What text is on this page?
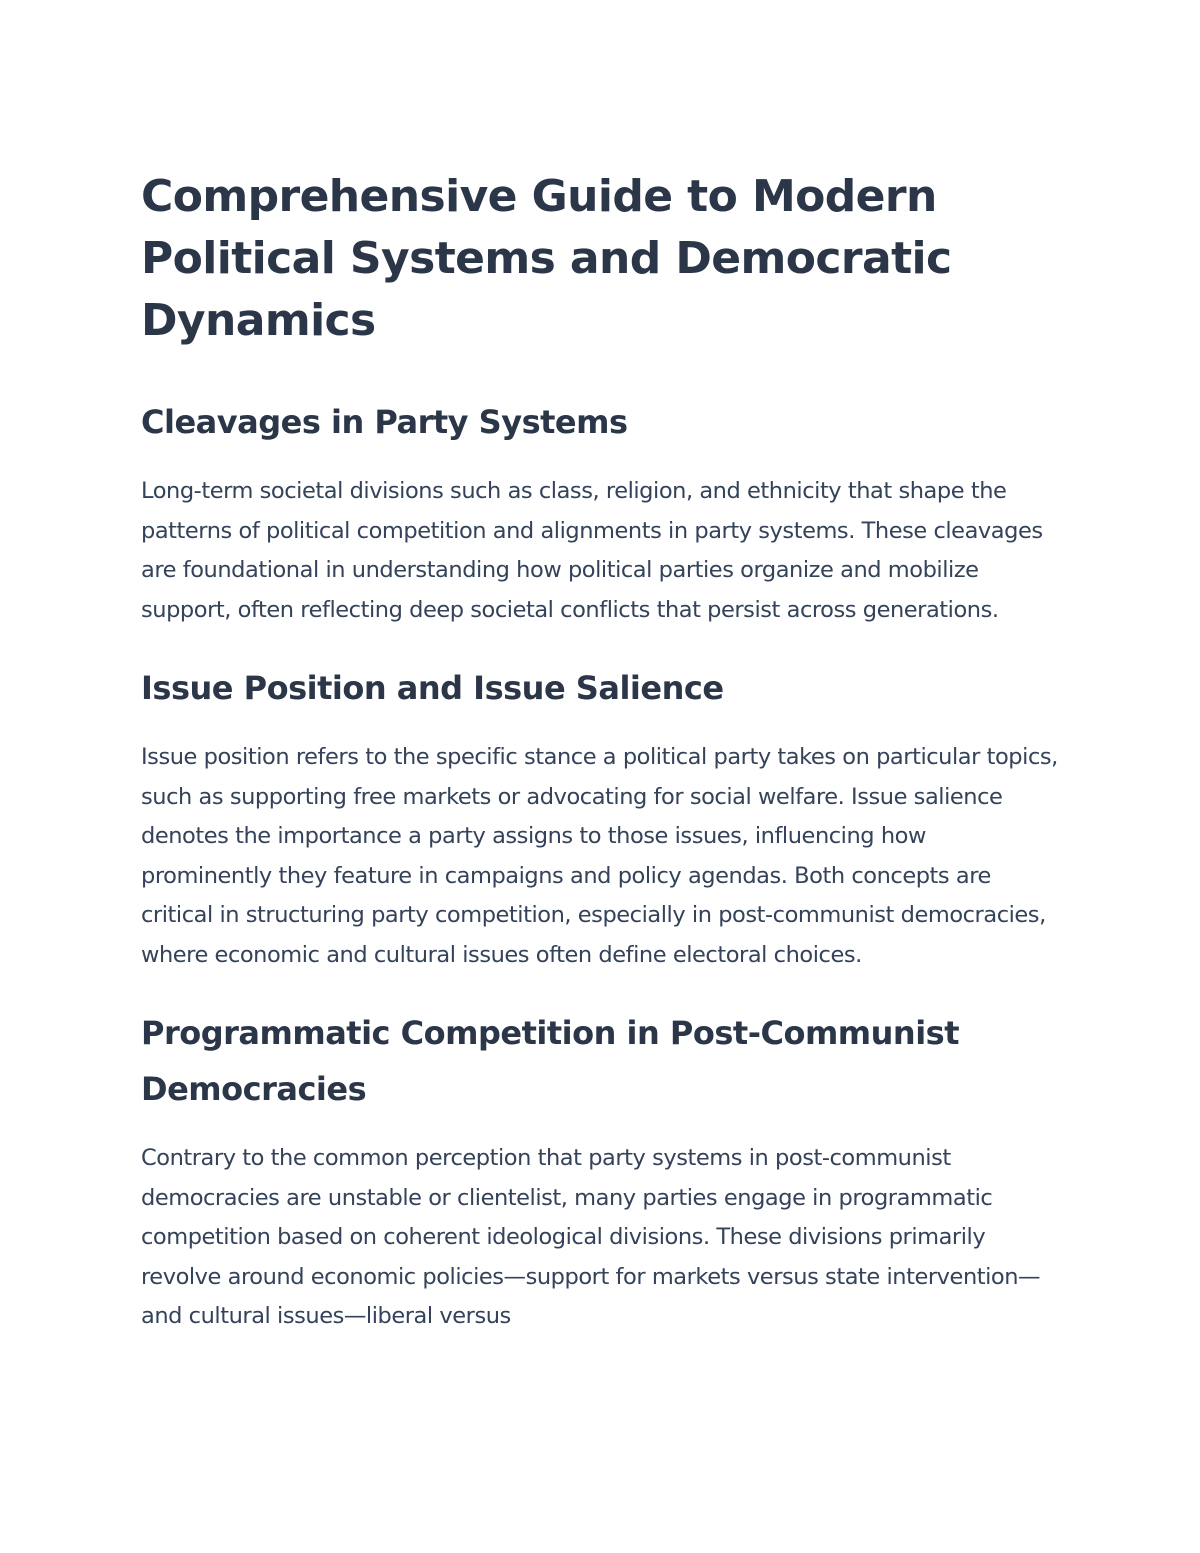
Comprehensive Guide to Modern Political Systems and Democratic Dynamics
Cleavages in Party Systems

Long-term societal divisions such as class, religion, and ethnicity that shape the patterns of political competition and alignments in party systems. These cleavages are foundational in understanding how political parties organize and mobilize support, often reflecting deep societal conflicts that persist across generations.

Issue Position and Issue Salience

Issue position refers to the specific stance a political party takes on particular topics, such as supporting free markets or advocating for social welfare. Issue salience denotes the importance a party assigns to those issues, influencing how prominently they feature in campaigns and policy agendas. Both concepts are critical in structuring party competition, especially in post-communist democracies, where economic and cultural issues often define electoral choices.

Programmatic Competition in Post-Communist Democracies

Contrary to the common perception that party systems in post-communist democracies are unstable or clientelist, many parties engage in programmatic competition based on coherent ideological divisions. These divisions primarily revolve around economic policies—support for markets versus state intervention—and cultural issues—liberal versus
